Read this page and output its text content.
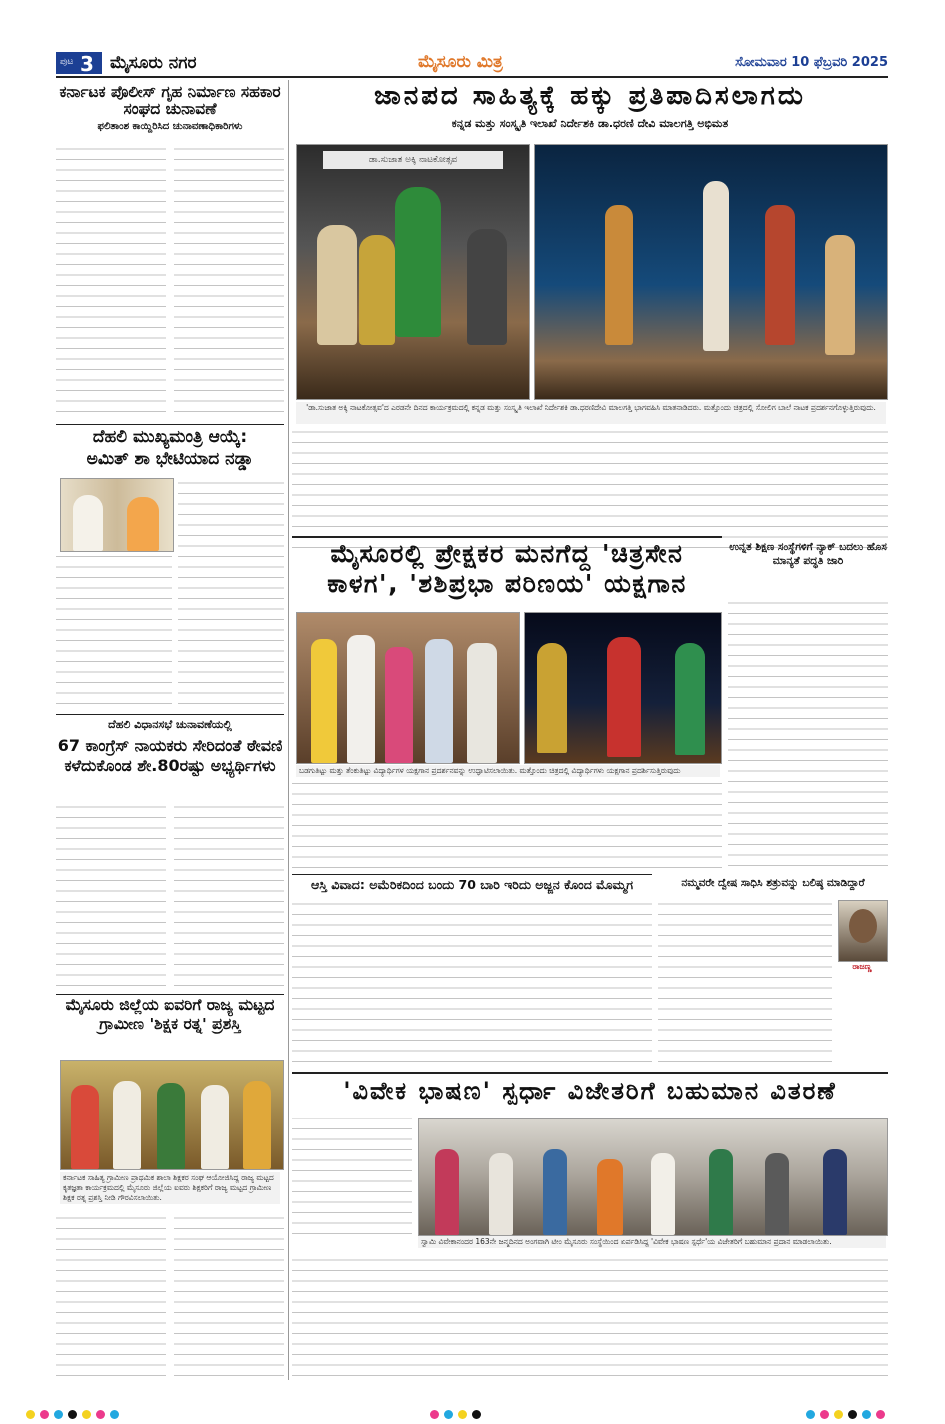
ಪುಟ 3 ಮೈಸೂರು ನಗರ	ಮೈಸೂರು ಮಿತ್ರ	ಸೋಮವಾರ 10 ಫೆಬ್ರವರಿ 2025
ಕರ್ನಾಟಕ ಪೊಲೀಸ್ ಗೃಹ ನಿರ್ಮಾಣ ಸಹಕಾರ ಸಂಘದ ಚುನಾವಣೆ
ಫಲಿತಾಂಶ ಕಾಯ್ದಿರಿಸಿದ ಚುನಾವಣಾಧಿಕಾರಿಗಳು
ಜಾನಪದ ಸಾಹಿತ್ಯಕ್ಕೆ ಹಕ್ಕು ಪ್ರತಿಪಾದಿಸಲಾಗದು
ಕನ್ನಡ ಮತ್ತು ಸಂಸ್ಕೃತಿ ಇಲಾಖೆ ನಿರ್ದೇಶಕಿ ಡಾ.ಧರಣಿ ದೇವಿ ಮಾಲಗತ್ತಿ ಅಭಿಮತ
ಡಾ.ಸುಜಾತ ಅಕ್ಕಿ ನಾಟಕೋತ್ಸವ
'ಡಾ.ಸುಜಾತ ಅಕ್ಕಿ ನಾಟಕೋತ್ಸವ'ದ ಎರಡನೇ ದಿನದ ಕಾರ್ಯಕ್ರಮದಲ್ಲಿ ಕನ್ನಡ ಮತ್ತು ಸಂಸ್ಕೃತಿ ಇಲಾಖೆ ನಿರ್ದೇಶಕಿ ಡಾ.ಧರಣಿದೇವಿ ಮಾಲಗತ್ತಿ ಭಾಗವಹಿಸಿ ಮಾತನಾಡಿದರು. ಮತ್ತೊಂದು ಚಿತ್ರದಲ್ಲಿ ಸೋಲಿಗ ಬಾಲೆ ನಾಟಕ ಪ್ರದರ್ಶನಗೊಳ್ಳುತ್ತಿರುವುದು.
ದೆಹಲಿ ಮುಖ್ಯಮಂತ್ರಿ ಆಯ್ಕೆ:
ಅಮಿತ್ ಶಾ ಭೇಟಿಯಾದ ನಡ್ಡಾ
ಮೈಸೂರಲ್ಲಿ ಪ್ರೇಕ್ಷಕರ ಮನಗೆದ್ದ 'ಚಿತ್ರಸೇನ
ಕಾಳಗ', 'ಶಶಿಪ್ರಭಾ ಪರಿಣಯ' ಯಕ್ಷಗಾನ
ಬಡಗುತಿಟ್ಟು ಮತ್ತು ತೆಂಕುತಿಟ್ಟು ವಿದ್ಯಾರ್ಥಿಗಳ ಯಕ್ಷಗಾನ ಪ್ರದರ್ಶನವನ್ನು ಉದ್ಘಾಟಿಸಲಾಯಿತು. ಮತ್ತೊಂದು ಚಿತ್ರದಲ್ಲಿ ವಿದ್ಯಾರ್ಥಿಗಳು ಯಕ್ಷಗಾನ ಪ್ರದರ್ಶಿಸುತ್ತಿರುವುದು
ಉನ್ನತ ಶಿಕ್ಷಣ ಸಂಸ್ಥೆಗಳಿಗೆ ನ್ಯಾಕ್ ಬದಲು ಹೊಸ ಮಾನ್ಯತೆ ಪದ್ಧತಿ ಜಾರಿ
ದೆಹಲಿ ವಿಧಾನಸಭೆ ಚುನಾವಣೆಯಲ್ಲಿ
67 ಕಾಂಗ್ರೆಸ್ ನಾಯಕರು ಸೇರಿದಂತೆ ಠೇವಣಿ ಕಳೆದುಕೊಂಡ ಶೇ.80ರಷ್ಟು ಅಭ್ಯರ್ಥಿಗಳು
ಆಸ್ತಿ ವಿವಾದ: ಅಮೆರಿಕದಿಂದ ಬಂದು 70 ಬಾರಿ ಇರಿದು ಅಜ್ಜನ ಕೊಂದ ಮೊಮ್ಮಗ	ನಮ್ಮವರೇ ದ್ವೇಷ ಸಾಧಿಸಿ ಶತ್ರುವನ್ನು ಬಲಿಷ್ಠ ಮಾಡಿದ್ದಾರೆ
ರಾಜಣ್ಣ
ಮೈಸೂರು ಜಿಲ್ಲೆಯ ಐವರಿಗೆ ರಾಜ್ಯ ಮಟ್ಟದ ಗ್ರಾಮೀಣ 'ಶಿಕ್ಷಕ ರತ್ನ' ಪ್ರಶಸ್ತಿ
ಕರ್ನಾಟಕ ಸಾಹಿತ್ಯ ಗ್ರಾಮೀಣ ಪ್ರಾಥಮಿಕ ಶಾಲಾ ಶಿಕ್ಷಕರ ಸಂಘ ಆಯೋಜಿಸಿದ್ದ ರಾಜ್ಯ ಮಟ್ಟದ ಕೃತಜ್ಞತಾ ಕಾರ್ಯಕ್ರಮದಲ್ಲಿ ಮೈಸೂರು ಜಿಲ್ಲೆಯ ಐವರು ಶಿಕ್ಷಕರಿಗೆ ರಾಜ್ಯ ಮಟ್ಟದ ಗ್ರಾಮೀಣ ಶಿಕ್ಷಕ ರತ್ನ ಪ್ರಶಸ್ತಿ ನೀಡಿ ಗೌರವಿಸಲಾಯಿತು.
'ವಿವೇಕ ಭಾಷಣ' ಸ್ಪರ್ಧಾ ವಿಜೇತರಿಗೆ ಬಹುಮಾನ ವಿತರಣೆ
ಸ್ವಾಮಿ ವಿವೇಕಾನಂದರ 163ನೇ ಜನ್ಮದಿನದ ಅಂಗವಾಗಿ ಟೀಂ ಮೈಸೂರು ಸಂಸ್ಥೆಯಿಂದ ಏರ್ಪಡಿಸಿದ್ದ 'ವಿವೇಕ ಭಾಷಣ ಸ್ಪರ್ಧೆ'ಯ ವಿಜೇತರಿಗೆ ಬಹುಮಾನ ಪ್ರದಾನ ಮಾಡಲಾಯಿತು.
